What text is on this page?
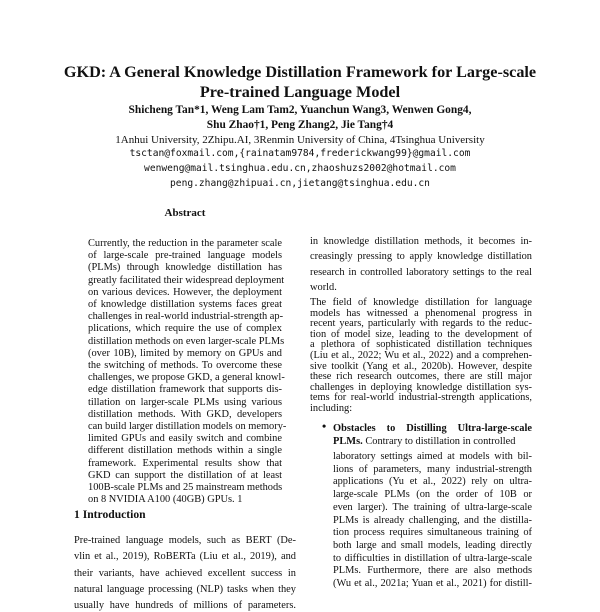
GKD: A General Knowledge Distillation Framework for Large-scale
Pre-trained Language Model
Shicheng Tan*1, Weng Lam Tam2, Yuanchun Wang3, Wenwen Gong4,
Shu Zhao†1, Peng Zhang2, Jie Tang†4
1Anhui University, 2Zhipu.AI, 3Renmin University of China, 4Tsinghua University
tsctan@foxmail.com,{rainatam9784,frederickwang99}@gmail.com
wenweng@mail.tsinghua.edu.cn,zhaoshuzs2002@hotmail.com
peng.zhang@zhipuai.cn,jietang@tsinghua.edu.cn
Abstract
Currently, the reduction in the parameter scale
of large-scale pre-trained language models
(PLMs) through knowledge distillation has
greatly facilitated their widespread deployment
on various devices. However, the deployment
of knowledge distillation systems faces great
challenges in real-world industrial-strength ap-
plications, which require the use of complex
distillation methods on even larger-scale PLMs
(over 10B), limited by memory on GPUs and
the switching of methods. To overcome these
challenges, we propose GKD, a general knowl-
edge distillation framework that supports dis-
tillation on larger-scale PLMs using various
distillation methods. With GKD, developers
can build larger distillation models on memory-
limited GPUs and easily switch and combine
different distillation methods within a single
framework. Experimental results show that
GKD can support the distillation of at least
100B-scale PLMs and 25 mainstream methods
on 8 NVIDIA A100 (40GB) GPUs. 1
1 Introduction
Pre-trained language models, such as BERT (De-
vlin et al., 2019), RoBERTa (Liu et al., 2019), and
their variants, have achieved excellent success in
natural language processing (NLP) tasks when they
usually have hundreds of millions of parameters.
in knowledge distillation methods, it becomes in-
creasingly pressing to apply knowledge distillation
research in controlled laboratory settings to the real
world.
The field of knowledge distillation for language
models has witnessed a phenomenal progress in
recent years, particularly with regards to the reduc-
tion of model size, leading to the development of
a plethora of sophisticated distillation techniques
(Liu et al., 2022; Wu et al., 2022) and a comprehen-
sive toolkit (Yang et al., 2020b). However, despite
these rich research outcomes, there are still major
challenges in deploying knowledge distillation sys-
tems for real-world industrial-strength applications,
including:
• Obstacles to Distilling Ultra-large-scale
PLMs. Contrary to distillation in controlled
laboratory settings aimed at models with bil-
lions of parameters, many industrial-strength
applications (Yu et al., 2022) rely on ultra-
large-scale PLMs (on the order of 10B or
even larger). The training of ultra-large-scale
PLMs is already challenging, and the distilla-
tion process requires simultaneous training of
both large and small models, leading directly
to difficulties in distillation of ultra-large-scale
PLMs. Furthermore, there are also methods
(Wu et al., 2021a; Yuan et al., 2021) for distill-
